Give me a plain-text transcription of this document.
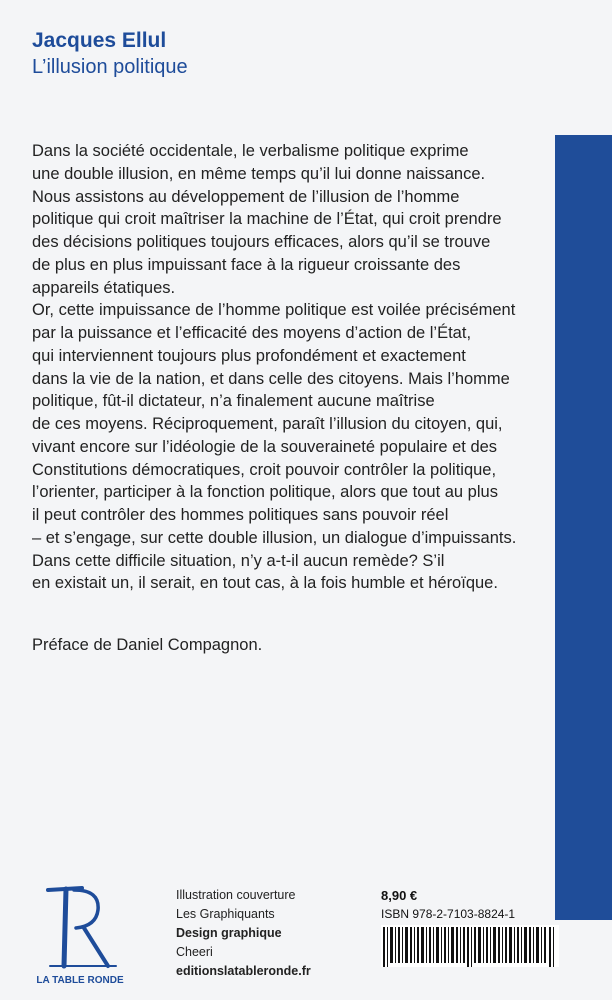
Jacques Ellul
L’illusion politique
Dans la société occidentale, le verbalisme politique exprime
une double illusion, en même temps qu’il lui donne naissance.
Nous assistons au développement de l’illusion de l’homme
politique qui croit maîtriser la machine de l’État, qui croit prendre
des décisions politiques toujours efficaces, alors qu’il se trouve
de plus en plus impuissant face à la rigueur croissante des
appareils étatiques.
Or, cette impuissance de l’homme politique est voilée précisément
par la puissance et l’efficacité des moyens d’action de l’État,
qui interviennent toujours plus profondément et exactement
dans la vie de la nation, et dans celle des citoyens. Mais l’homme
politique, fût-il dictateur, n’a finalement aucune maîtrise
de ces moyens. Réciproquement, paraît l’illusion du citoyen, qui,
vivant encore sur l’idéologie de la souveraineté populaire et des
Constitutions démocratiques, croit pouvoir contrôler la politique,
l’orienter, participer à la fonction politique, alors que tout au plus
il peut contrôler des hommes politiques sans pouvoir réel
– et s’engage, sur cette double illusion, un dialogue d’impuissants.
Dans cette difficile situation, n’y a-t-il aucun remède? S’il
en existait un, il serait, en tout cas, à la fois humble et héroïque.
Préface de Daniel Compagnon.
LA TABLE RONDE
Illustration couverture
Les Graphiquants
Design graphique
Cheeri
editionslatableronde.fr
8,90 €
ISBN 978-2-7103-8824-1
